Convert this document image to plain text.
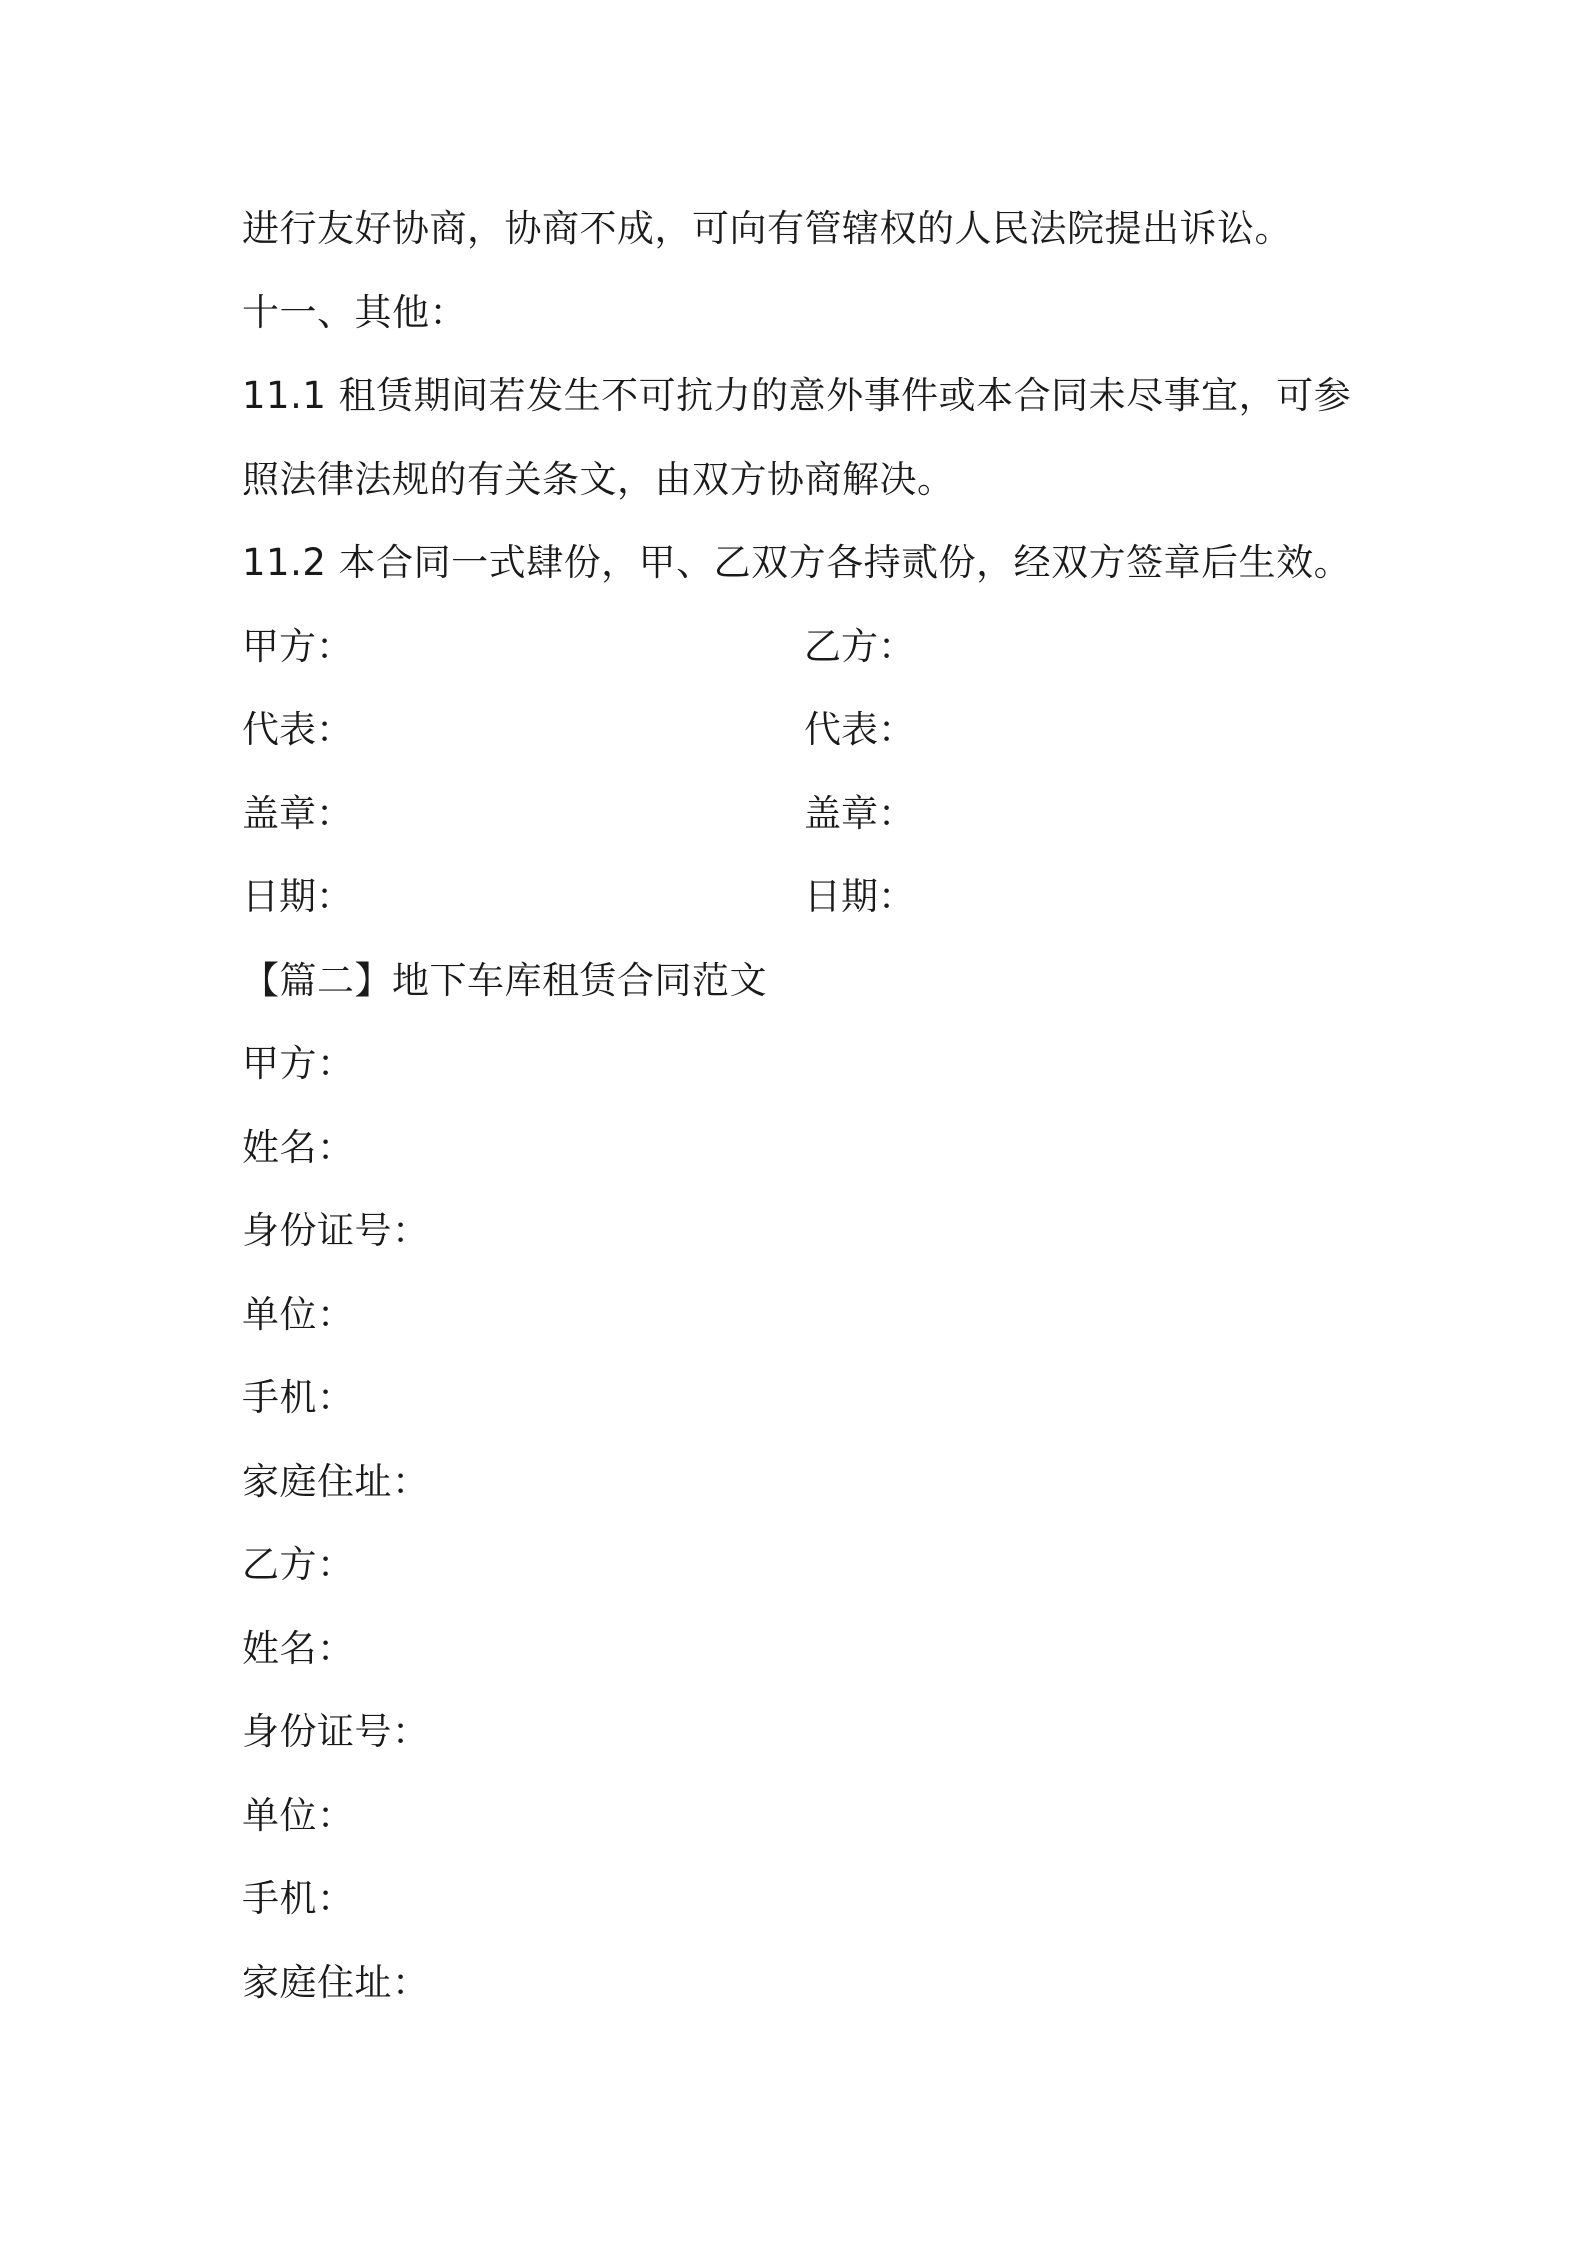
进行友好协商，协商不成，可向有管辖权的人民法院提出诉讼。
十一、其他：
11.1 租赁期间若发生不可抗力的意外事件或本合同未尽事宜，可参
照法律法规的有关条文，由双方协商解决。
11.2 本合同一式肆份，甲、乙双方各持贰份，经双方签章后生效。
甲方：	乙方：
代表：	代表：
盖章：	盖章：
日期：	日期：
【篇二】地下车库租赁合同范文
甲方：
姓名：
身份证号：
单位：
手机：
家庭住址：
乙方：
姓名：
身份证号：
单位：
手机：
家庭住址：
